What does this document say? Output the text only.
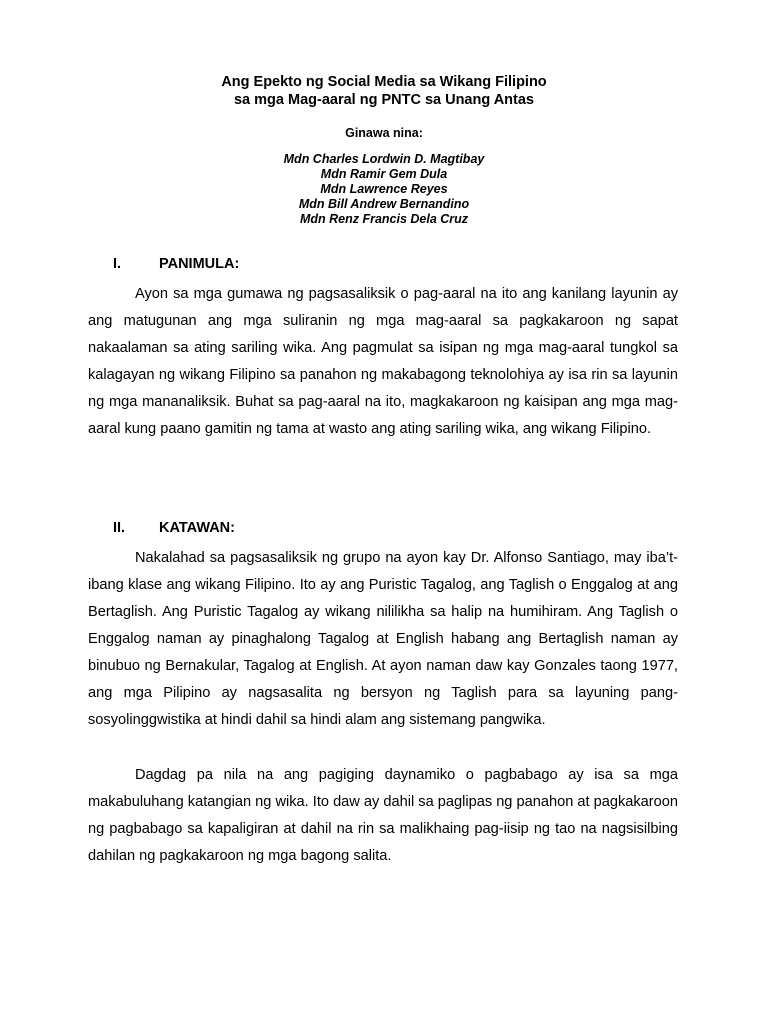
Ang Epekto ng Social Media sa Wikang Filipino
sa mga Mag-aaral ng PNTC sa Unang Antas
Ginawa nina:
Mdn Charles Lordwin D. Magtibay
Mdn Ramir Gem Dula
Mdn Lawrence Reyes
Mdn Bill Andrew Bernandino
Mdn Renz Francis Dela Cruz
I.	PANIMULA:

Ayon sa mga gumawa ng pagsasaliksik o pag-aaral na ito ang kanilang layunin ay ang matugunan ang mga suliranin ng mga mag-aaral sa pagkakaroon ng sapat nakaalaman sa ating sariling wika. Ang pagmulat sa isipan ng mga mag-aaral tungkol sa kalagayan ng wikang Filipino sa panahon ng makabagong teknolohiya ay isa rin sa layunin ng mga mananaliksik. Buhat sa pag-aaral na ito, magkakaroon ng kaisipan ang mga mag-aaral kung paano gamitin ng tama at wasto ang ating sariling wika, ang wikang Filipino.

II. KATAWAN:

Nakalahad sa pagsasaliksik ng grupo na ayon kay Dr. Alfonso Santiago, may iba’t-ibang klase ang wikang Filipino. Ito ay ang Puristic Tagalog, ang Taglish o Enggalog at ang Bertaglish. Ang Puristic Tagalog ay wikang nililikha sa halip na humihiram. Ang Taglish o Enggalog naman ay pinaghalong Tagalog at English habang ang Bertaglish naman ay binubuo ng Bernakular, Tagalog at English. At ayon naman daw kay Gonzales taong 1977, ang mga Pilipino ay nagsasalita ng bersyon ng Taglish para sa layuning pang-sosyolinggwistika at hindi dahil sa hindi alam ang sistemang pangwika.

Dagdag pa nila na ang pagiging daynamiko o pagbabago ay isa sa mga makabuluhang katangian ng wika. Ito daw ay dahil sa paglipas ng panahon at pagkakaroon ng pagbabago sa kapaligiran at dahil na rin sa malikhaing pag-iisip ng tao na nagsisilbing dahilan ng pagkakaroon ng mga bagong salita.
